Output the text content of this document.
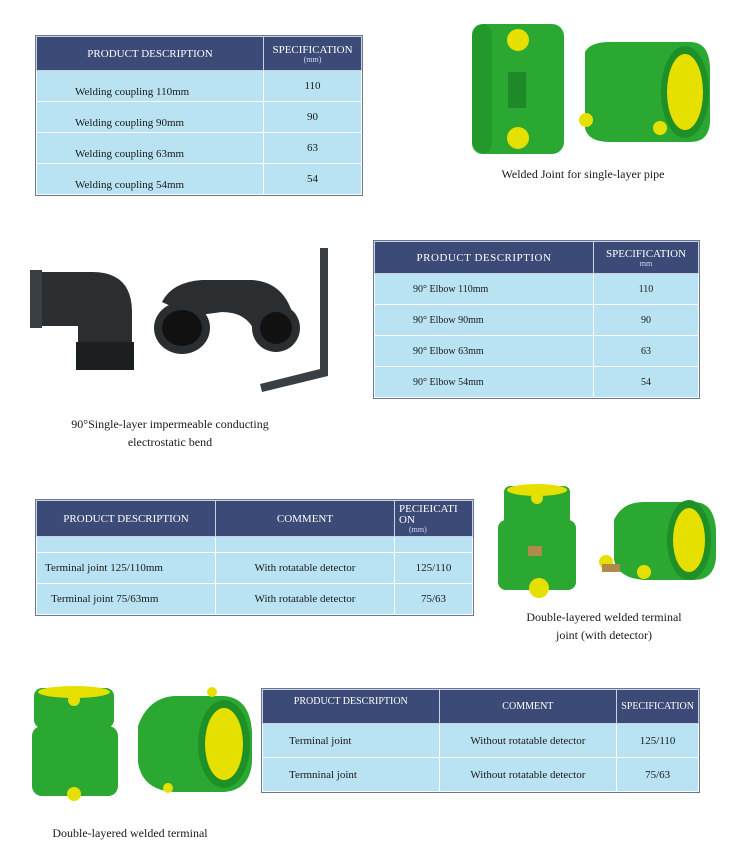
PRODUCT DESCRIPTION	SPECIFICATION
(mm)

Welding coupling 110mm	110
Welding coupling 90mm	90
Welding coupling 63mm	63
Welding coupling 54mm	54	Welded Joint for single-layer pipe
PRODUCT DESCRIPTION	SPECIFICATION
mm

90° Elbow 110mm	110
90° Elbow 90mm	90
90° Elbow 63mm	63
90° Elbow 54mm	54
90°Single-layer impermeable conducting
electrostatic bend
PRODUCT DESCRIPTION	COMMENT	PECIEICATI ON
(mm)

Terminal joint 125/110mm	With rotatable detector	125/110
Terminal joint 75/63mm	With rotatable detector	75/63
Double-layered welded terminal
joint (with detector)
PRODUCT DESCRIPTION	COMMENT	SPECIFICATION
Terminal joint	Without rotatable detector	125/110
Termninal joint	Without rotatable detector	75/63
Double-layered welded terminal
